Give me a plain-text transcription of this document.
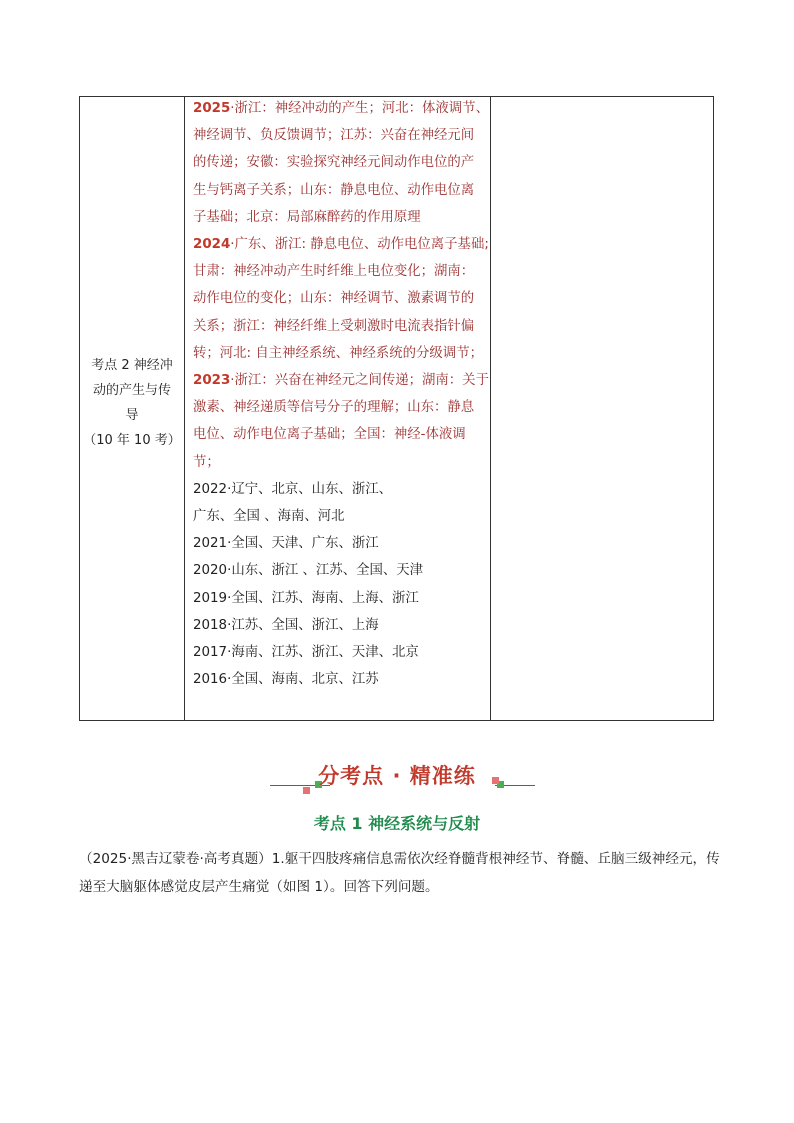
考点 2 神经冲
动的产生与传
导
（10 年 10 考）
2025·浙江：神经冲动的产生；河北：体液调节、
神经调节、负反馈调节；江苏：兴奋在神经元间
的传递；安徽：实验探究神经元间动作电位的产
生与钙离子关系；山东：静息电位、动作电位离
子基础；北京：局部麻醉药的作用原理
2024·广东、浙江: 静息电位、动作电位离子基础;
甘肃：神经冲动产生时纤维上电位变化；湖南：
动作电位的变化；山东：神经调节、激素调节的
关系；浙江：神经纤维上受刺激时电流表指针偏
转；河北: 自主神经系统、神经系统的分级调节；
2023·浙江：兴奋在神经元之间传递；湖南：关于
激素、神经递质等信号分子的理解；山东：静息
电位、动作电位离子基础；全国：神经-体液调
节；
2022·辽宁、北京、山东、浙江、
广东、全国 、海南、河北
2021·全国、天津、广东、浙江
2020·山东、浙江 、江苏、全国、天津
2019·全国、江苏、海南、上海、浙江
2018·江苏、全国、浙江、上海
2017·海南、江苏、浙江、天津、北京
2016·全国、海南、北京、江苏
分考点 · 精准练
考点 1 神经系统与反射
（2025·黑吉辽蒙卷·高考真题）1.躯干四肢疼痛信息需依次经脊髓背根神经节、脊髓、丘脑三级神经元，传
递至大脑躯体感觉皮层产生痛觉（如图 1）。回答下列问题。
